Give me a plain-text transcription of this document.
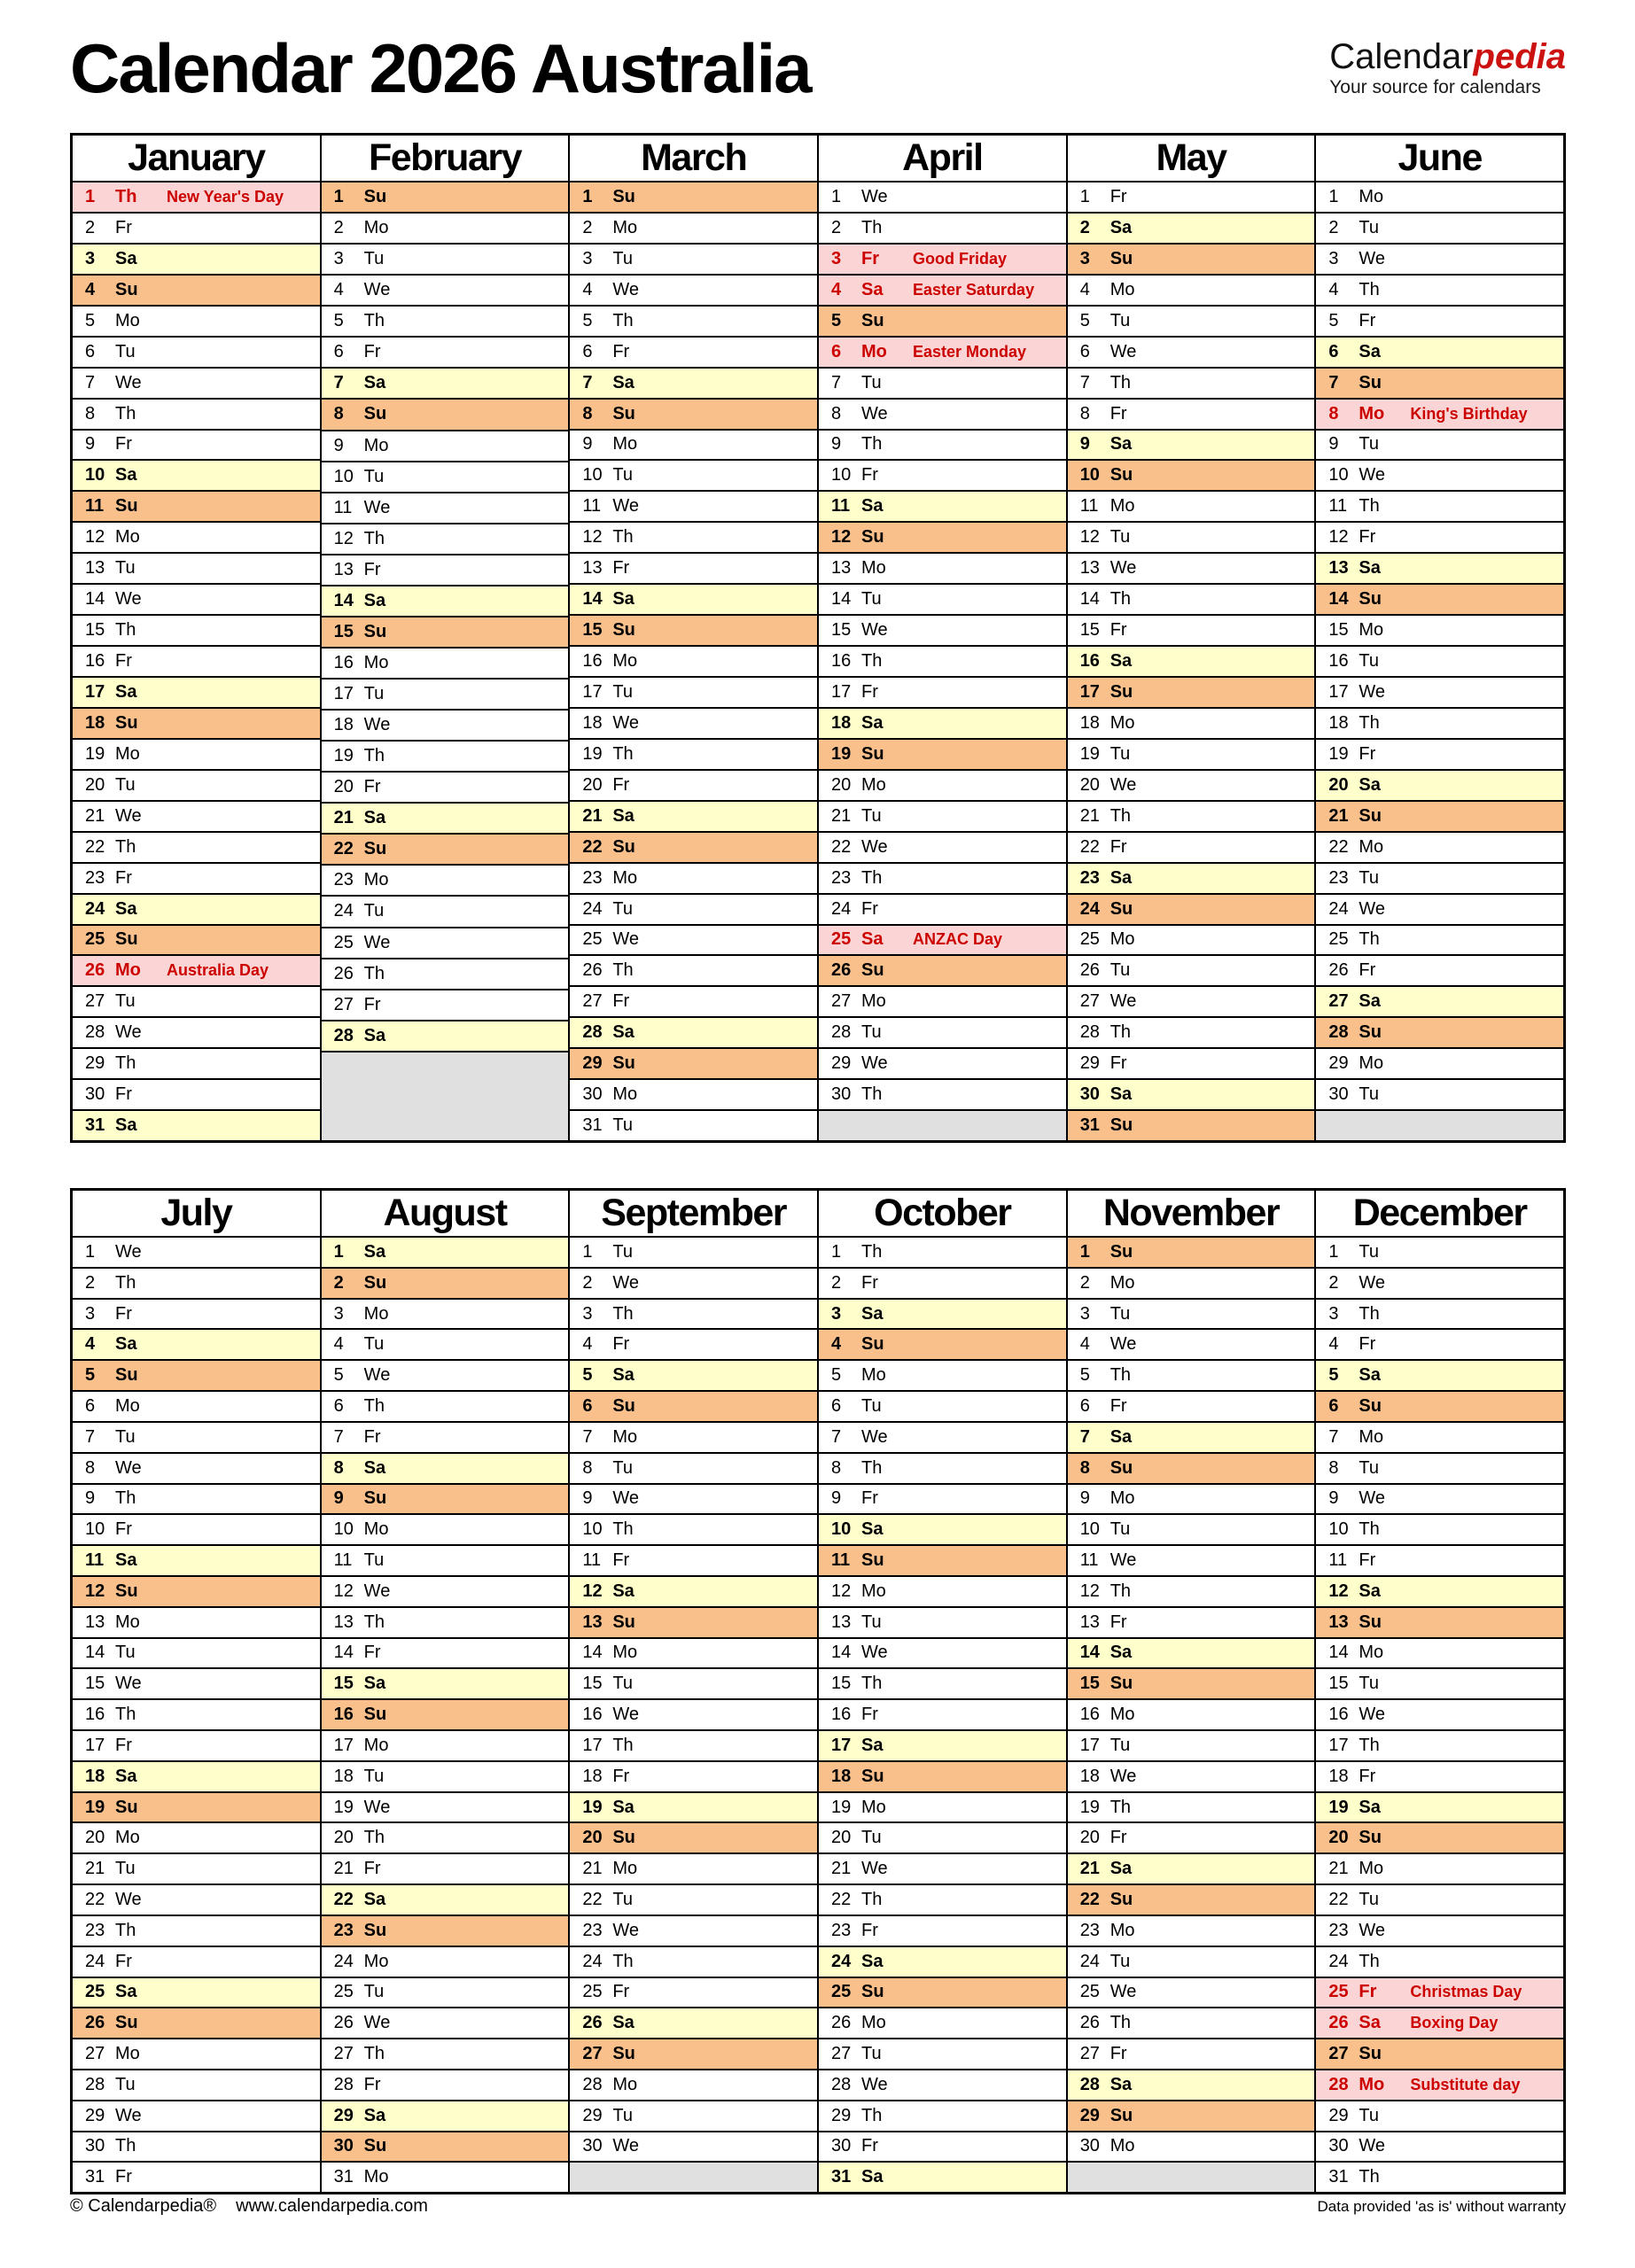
Calendar 2026 Australia	Calendarpedia
Your source for calendars
January
1	Th	New Year's Day
2	Fr
3	Sa
4	Su
5	Mo
6	Tu
7	We
8	Th
9	Fr
10 Sa
11 Su
12 Mo
13 Tu
14 We
15 Th
16 Fr
17 Sa
18 Su
19 Mo
20 Tu
21 We
22 Th
23 Fr
24 Sa
25 Su
26 Mo	Australia Day
27 Tu
28 We
29 Th
30 Fr
31 Sa
February
1	Su
2	Mo
3	Tu
4	We
5	Th
6	Fr
7	Sa
8	Su
9	Mo
10 Tu
11 We
12 Th
13 Fr
14 Sa
15 Su
16 Mo
17 Tu
18 We
19 Th
20 Fr
21 Sa
22 Su
23 Mo
24 Tu
25 We
26 Th
27 Fr
28 Sa
March
1	Su
2	Mo
3	Tu
4	We
5	Th
6	Fr
7	Sa
8	Su
9	Mo
10 Tu
11 We
12 Th
13 Fr
14 Sa
15 Su
16 Mo
17 Tu
18 We
19 Th
20 Fr
21 Sa
22 Su
23 Mo
24 Tu
25 We
26 Th
27 Fr
28 Sa
29 Su
30 Mo
31 Tu
April
1	We
2	Th
3	Fr	Good Friday
4	Sa	Easter Saturday
5	Su
6	Mo	Easter Monday
7	Tu
8	We
9	Th
10 Fr
11 Sa
12 Su
13 Mo
14 Tu
15 We
16 Th
17 Fr
18 Sa
19 Su
20 Mo
21 Tu
22 We
23 Th
24 Fr
25 Sa	ANZAC Day
26 Su
27 Mo
28 Tu
29 We
30 Th
May
1	Fr
2	Sa
3	Su
4	Mo
5	Tu
6	We
7	Th
8	Fr
9	Sa
10 Su
11 Mo
12 Tu
13 We
14 Th
15 Fr
16 Sa
17 Su
18 Mo
19 Tu
20 We
21 Th
22 Fr
23 Sa
24 Su
25 Mo
26 Tu
27 We
28 Th
29 Fr
30 Sa
31 Su
June
1	Mo
2	Tu
3	We
4	Th
5	Fr
6	Sa
7	Su
8	Mo	King's Birthday
9	Tu
10 We
11 Th
12 Fr
13 Sa
14 Su
15 Mo
16 Tu
17 We
18 Th
19 Fr
20 Sa
21 Su
22 Mo
23 Tu
24 We
25 Th
26 Fr
27 Sa
28 Su
29 Mo
30 Tu
July
1	We
2	Th
3	Fr
4	Sa
5	Su
6	Mo
7	Tu
8	We
9	Th
10 Fr
11 Sa
12 Su
13 Mo
14 Tu
15 We
16 Th
17 Fr
18 Sa
19 Su
20 Mo
21 Tu
22 We
23 Th
24 Fr
25 Sa
26 Su
27 Mo
28 Tu
29 We
30 Th
31 Fr
August
1	Sa
2	Su
3	Mo
4	Tu
5	We
6	Th
7	Fr
8	Sa
9	Su
10 Mo
11 Tu
12 We
13 Th
14 Fr
15 Sa
16 Su
17 Mo
18 Tu
19 We
20 Th
21 Fr
22 Sa
23 Su
24 Mo
25 Tu
26 We
27 Th
28 Fr
29 Sa
30 Su
31 Mo
September
1	Tu
2	We
3	Th
4	Fr
5	Sa
6	Su
7	Mo
8	Tu
9	We
10 Th
11 Fr
12 Sa
13 Su
14 Mo
15 Tu
16 We
17 Th
18 Fr
19 Sa
20 Su
21 Mo
22 Tu
23 We
24 Th
25 Fr
26 Sa
27 Su
28 Mo
29 Tu
30 We
October
1	Th
2	Fr
3	Sa
4	Su
5	Mo
6	Tu
7	We
8	Th
9	Fr
10 Sa
11 Su
12 Mo
13 Tu
14 We
15 Th
16 Fr
17 Sa
18 Su
19 Mo
20 Tu
21 We
22 Th
23 Fr
24 Sa
25 Su
26 Mo
27 Tu
28 We
29 Th
30 Fr
31 Sa
November
1	Su
2	Mo
3	Tu
4	We
5	Th
6	Fr
7	Sa
8	Su
9	Mo
10 Tu
11 We
12 Th
13 Fr
14 Sa
15 Su
16 Mo
17 Tu
18 We
19 Th
20 Fr
21 Sa
22 Su
23 Mo
24 Tu
25 We
26 Th
27 Fr
28 Sa
29 Su
30 Mo
December
1	Tu
2	We
3	Th
4	Fr
5	Sa
6	Su
7	Mo
8	Tu
9	We
10 Th
11 Fr
12 Sa
13 Su
14 Mo
15 Tu
16 We
17 Th
18 Fr
19 Sa
20 Su
21 Mo
22 Tu
23 We
24 Th
25 Fr	Christmas Day
26 Sa	Boxing Day
27 Su
28 Mo	Substitute day
29 Tu
30 We
31 Th
© Calendarpedia® www.calendarpedia.com	Data provided 'as is' without warranty
